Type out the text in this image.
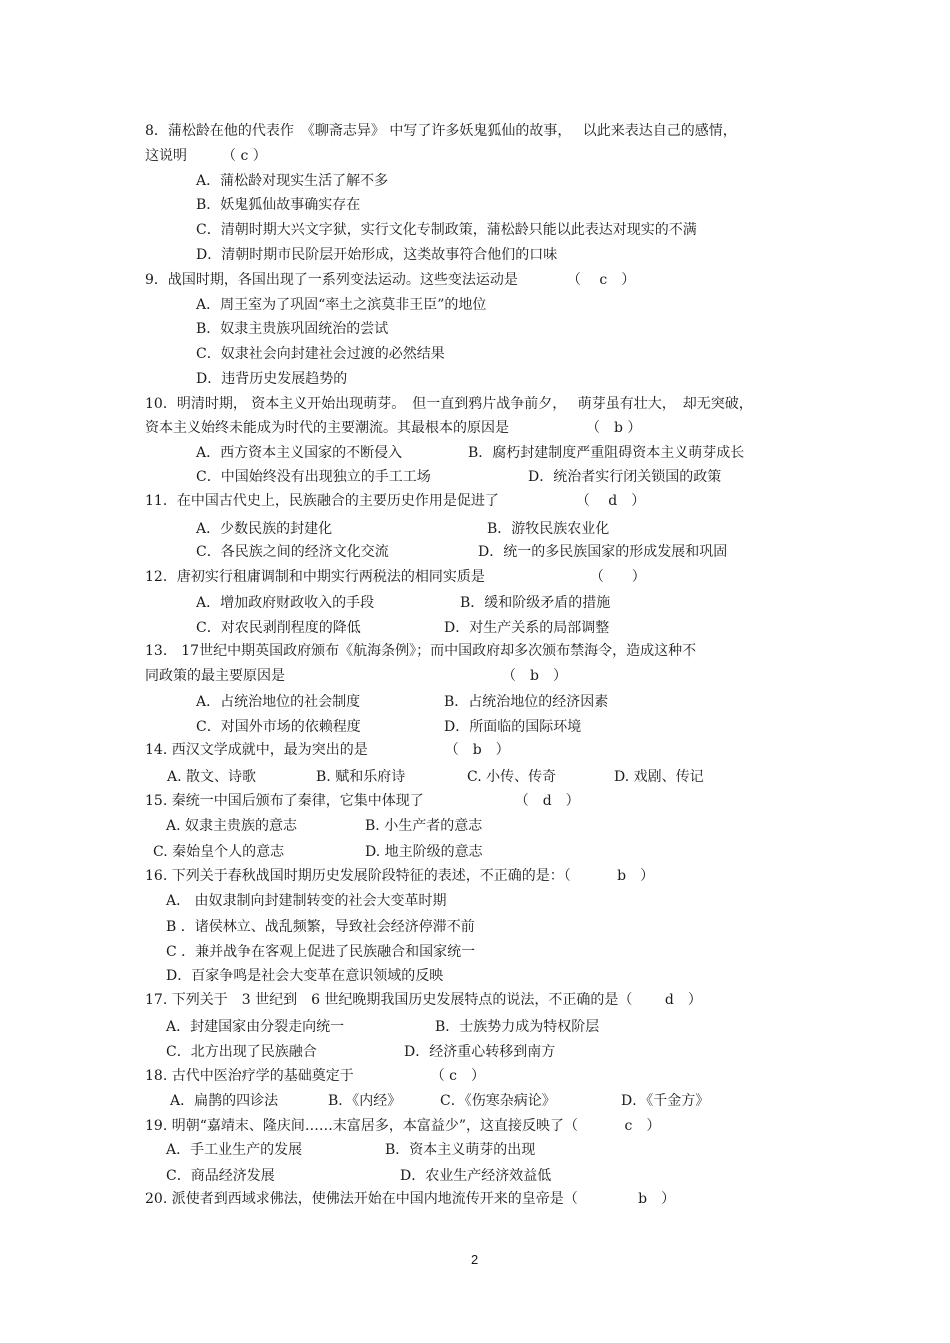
8．蒲松龄在他的代表作　《聊斋志异》 中写了许多妖鬼狐仙的故事，　 以此来表达自己的感情，
这说明　　　（ c ）
A．蒲松龄对现实生活了解不多
B．妖鬼狐仙故事确实存在
C．清朝时期大兴文字狱，实行文化专制政策，蒲松龄只能以此表达对现实的不满
D．清朝时期市民阶层开始形成，这类故事符合他们的口味
9．战国时期，各国出现了一系列变法运动。这些变法运动是　　　　（　 c　）
A．周王室为了巩固“率土之滨莫非王臣”的地位
B．奴隶主贵族巩固统治的尝试
C．奴隶社会向封建社会过渡的必然结果
D．违背历史发展趋势的
10．明清时期， 资本主义开始出现萌芽。　但一直到鸦片战争前夕，　 萌芽虽有壮大，　却无突破，
资本主义始终未能成为时代的主要潮流。其最根本的原因是　　　　　　（　b ）
A．西方资本主义国家的不断侵入	B．腐朽封建制度严重阻碍资本主义萌芽成长
C．中国始终没有出现独立的手工工场	D．统治者实行闭关锁国的政策
11．在中国古代史上，民族融合的主要历史作用是促进了　　　　　　（　 d　）
A．少数民族的封建化	B．游牧民族农业化
C．各民族之间的经济文化交流	D．统一的多民族国家的形成发展和巩固
12．唐初实行租庸调制和中期实行两税法的相同实质是　　　　　　　　（　　）
A．增加政府财政收入的手段	B．缓和阶级矛盾的措施
C．对农民剥削程度的降低	D．对生产关系的局部调整
13． 17世纪中期英国政府颁布《航海条例》；而中国政府却多次颁布禁海令，造成这种不
同政策的最主要原因是　　　　　　　　　　　　　　　　（　b　）
A．占统治地位的社会制度	B．占统治地位的经济因素
C．对国外市场的依赖程度	D．所面临的国际环境
14. 西汉文学成就中，最为突出的是　　　　　　（　b　）
A. 散文、诗歌	B. 赋和乐府诗	C. 小传、传奇	D. 戏剧、传记
15. 秦统一中国后颁布了秦律，它集中体现了　　　　　　　（　d　）
A. 奴隶主贵族的意志	B. 小生产者的意志
C. 秦始皇个人的意志	D. 地主阶级的意志
16. 下列关于春秋战国时期历史发展阶段特征的表述，不正确的是：（　　　 b　）
A． 由奴隶制向封建制转变的社会大变革时期
B ．诸侯林立、战乱频繁，导致社会经济停滞不前
C ．兼并战争在客观上促进了民族融合和国家统一
D．百家争鸣是社会大变革在意识领域的反映
17. 下列关于　3 世纪到　6 世纪晚期我国历史发展特点的说法，不正确的是（　　 d　）
A．封建国家由分裂走向统一	B．士族势力成为特权阶层
C．北方出现了民族融合	D．经济重心转移到南方
18. 古代中医治疗学的基础奠定于　　　　　　（ c　）
A．扁鹊的四诊法	B．《内经》	C．《伤寒杂病论》	D．《千金方》
19. 明朝“嘉靖末、隆庆间……末富居多，本富益少”，这直接反映了（　　　 c　）
A．手工业生产的发展	B．资本主义萌芽的出现
C．商品经济发展	D．农业生产经济效益低
20. 派使者到西域求佛法，使佛法开始在中国内地流传开来的皇帝是（　　　　 b　）
2
